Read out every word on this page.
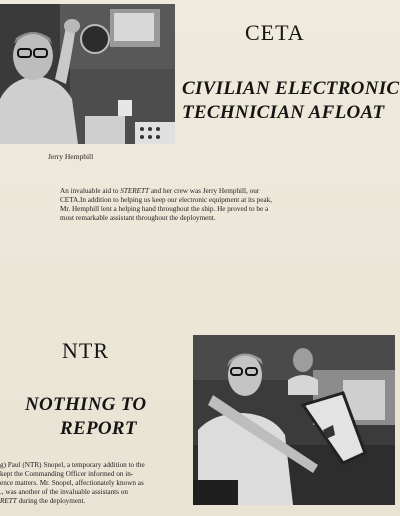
Jerry Hemphill
CETA
CIVILIAN ELECTRONIC
TECHNICIAN AFLOAT
An invaluable aid to STERETT and her crew was Jerry Hemphill, our
CETA.In addition to helping us keep our electronic equipment at its peak,
Mr. Hemphill lent a helping hand throughout the ship. He proved to be a
most remarkable assistant throughout the deployment.
NTR
NOTHING TO
REPORT
g) Paul (NTR) Snopel, a temporary addition to the
kept the Commanding Officer informed on in-
ence matters. Mr. Snopel, affectionately known as
., was another of the invaluable assistants on
RETT during the deployment.
